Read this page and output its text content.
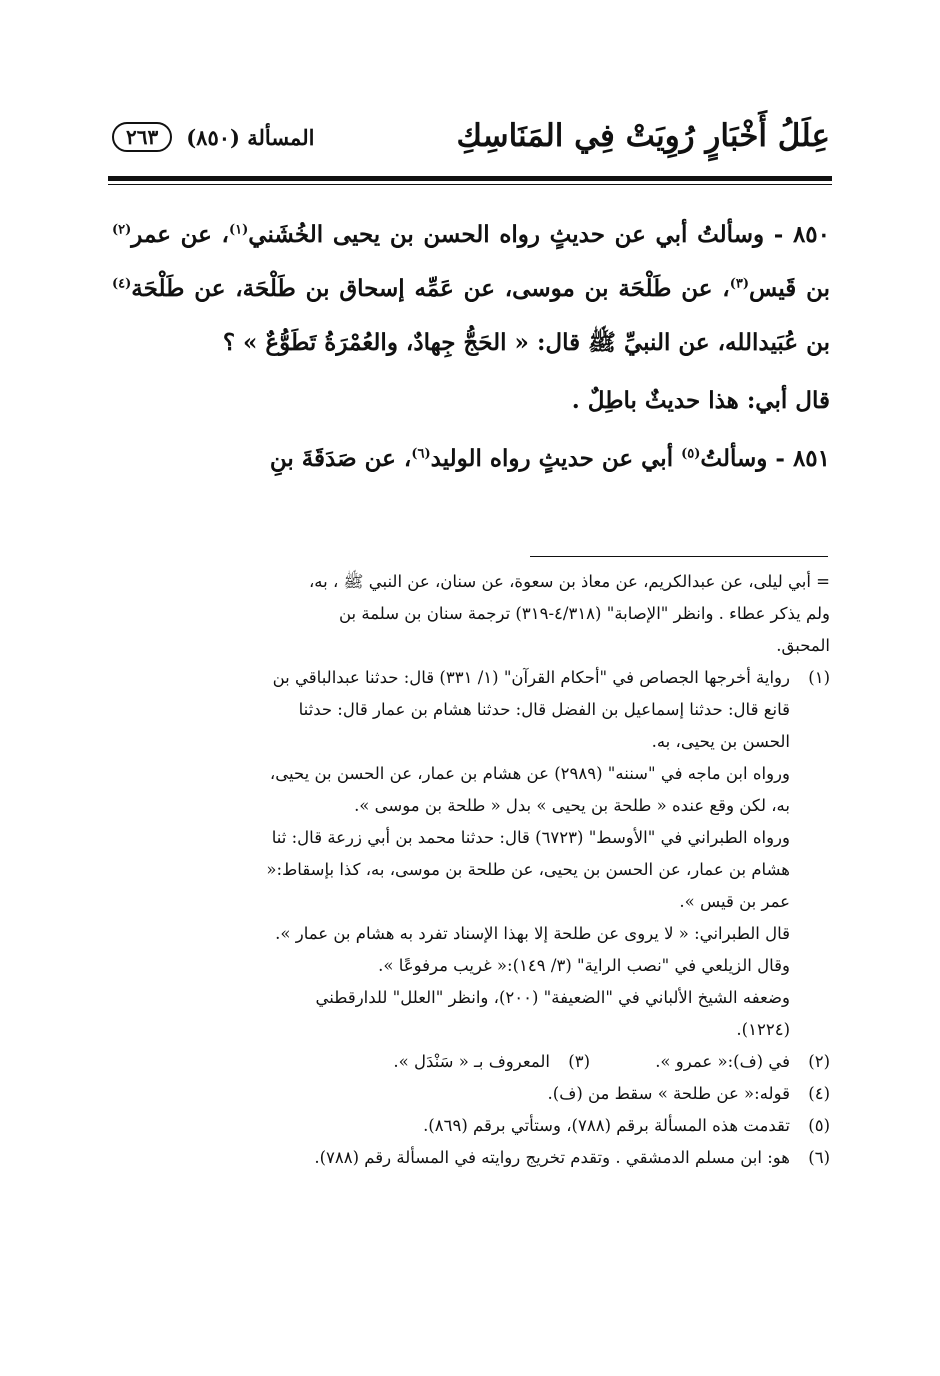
عِلَلُ أَخْبَارٍ رُوِيَتْ فِي المَنَاسِكِ
المسألة (٨٥٠)
٢٦٣

٨٥٠ - وسألتُ أبي عن حديثٍ رواه الحسن بن يحيى الخُشَني$^{(١)}$، عن عمر$^{(٢)}$ بن قَيس$^{(٣)}$، عن طَلْحَة بن موسى، عن عَمِّه إسحاق بن طَلْحَة، عن طَلْحَة$^{(٤)}$ بن عُبَيدالله، عن النبيِّ ﷺ قال: « الحَجُّ جِهادٌ، والعُمْرَةُ تَطَوُّعٌ » ؟

قال أبي: هذا حديثٌ باطِلٌ .

٨٥١ - وسألتُ$^{(٥)}$ أبي عن حديثٍ رواه الوليد$^{(٦)}$، عن صَدَقَةَ بنِ

= أبي ليلى، عن عبدالكريم، عن معاذ بن سعوة، عن سنان، عن النبي ﷺ ، به،
ولم يذكر عطاء . وانظر "الإصابة" (٤/٣١٨-٣١٩) ترجمة سنان بن سلمة بن
المحبق.
(١)رواية أخرجها الجصاص في "أحكام القرآن" (١/ ٣٣١) قال: حدثنا عبدالباقي بن
قانع قال: حدثنا إسماعيل بن الفضل قال: حدثنا هشام بن عمار قال: حدثنا
الحسن بن يحيى، به.
ورواه ابن ماجه في "سننه" (٢٩٨٩) عن هشام بن عمار، عن الحسن بن يحيى،
به، لكن وقع عنده « طلحة بن يحيى » بدل « طلحة بن موسى ».
ورواه الطبراني في "الأوسط" (٦٧٢٣) قال: حدثنا محمد بن أبي زرعة قال: ثنا
هشام بن عمار، عن الحسن بن يحيى، عن طلحة بن موسى، به، كذا بإسقاط:«
عمر بن قيس ».
قال الطبراني: « لا يروى عن طلحة إلا بهذا الإسناد تفرد به هشام بن عمار ».
وقال الزيلعي في "نصب الراية" (٣/ ١٤٩):« غريب مرفوعًا ».
وضعفه الشيخ الألباني في "الضعيفة" (٢٠٠)، وانظر "العلل" للدارقطني
(١٢٢٤).
(٢)في (ف):« عمرو ».
(٣)المعروف بـ « سَنْدَل ».
(٤)قوله:« عن طلحة » سقط من (ف).
(٥)تقدمت هذه المسألة برقم (٧٨٨)، وستأتي برقم (٨٦٩).
(٦)هو: ابن مسلم الدمشقي . وتقدم تخريج روايته في المسألة رقم (٧٨٨).
